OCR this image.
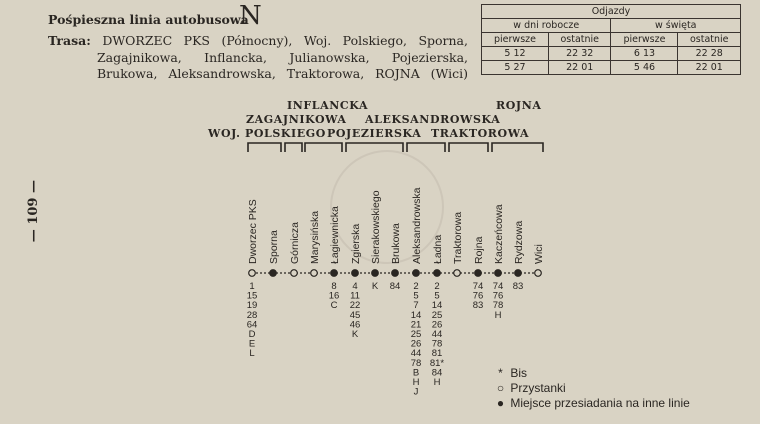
Pośpieszna linia autobusowa
N
Trasa: DWORZEC PKS (Północny), Woj. Polskiego, Sporna,
Zagajnikowa, Inflancka, Julianowska, Pojezierska,
Brukowa, Aleksandrowska, Traktorowa, ROJNA (Wici)
Odjazdy			
w dni robocze		w święta	
pierwsze	ostatnie	pierwsze	ostatnie
5 12	22 32	6 13	22 28
5 27	22 01	5 46	22 01
— 109 —
INFLANCKA
ZAGAJNIKOWA
WOJ. POLSKIEGO POJEZIERSKA
ALEKSANDROWSKA
TRAKTOROWA
ROJNA
Dworzec PKS
1
15
19
28
64
D
E
L
Sporna Górnicza Marysińska Łagiewnicka
8
16
C
Zgierska
4
11
22
45
46
K
Sierakowskiego
K
Brukowa
84
Aleksandrowska
2
5
7
14
21
25
26
44
78
B
H
J
Ładna
2
5
14
25
26
44
78
81
81*
84
H
Traktorowa Rojna
74
76
83
Kaczeńcowa
74
76
78
H
Rydzowa
83
Wici
* Bis
○ Przystanki
● Miejsce przesiadania na inne linie
